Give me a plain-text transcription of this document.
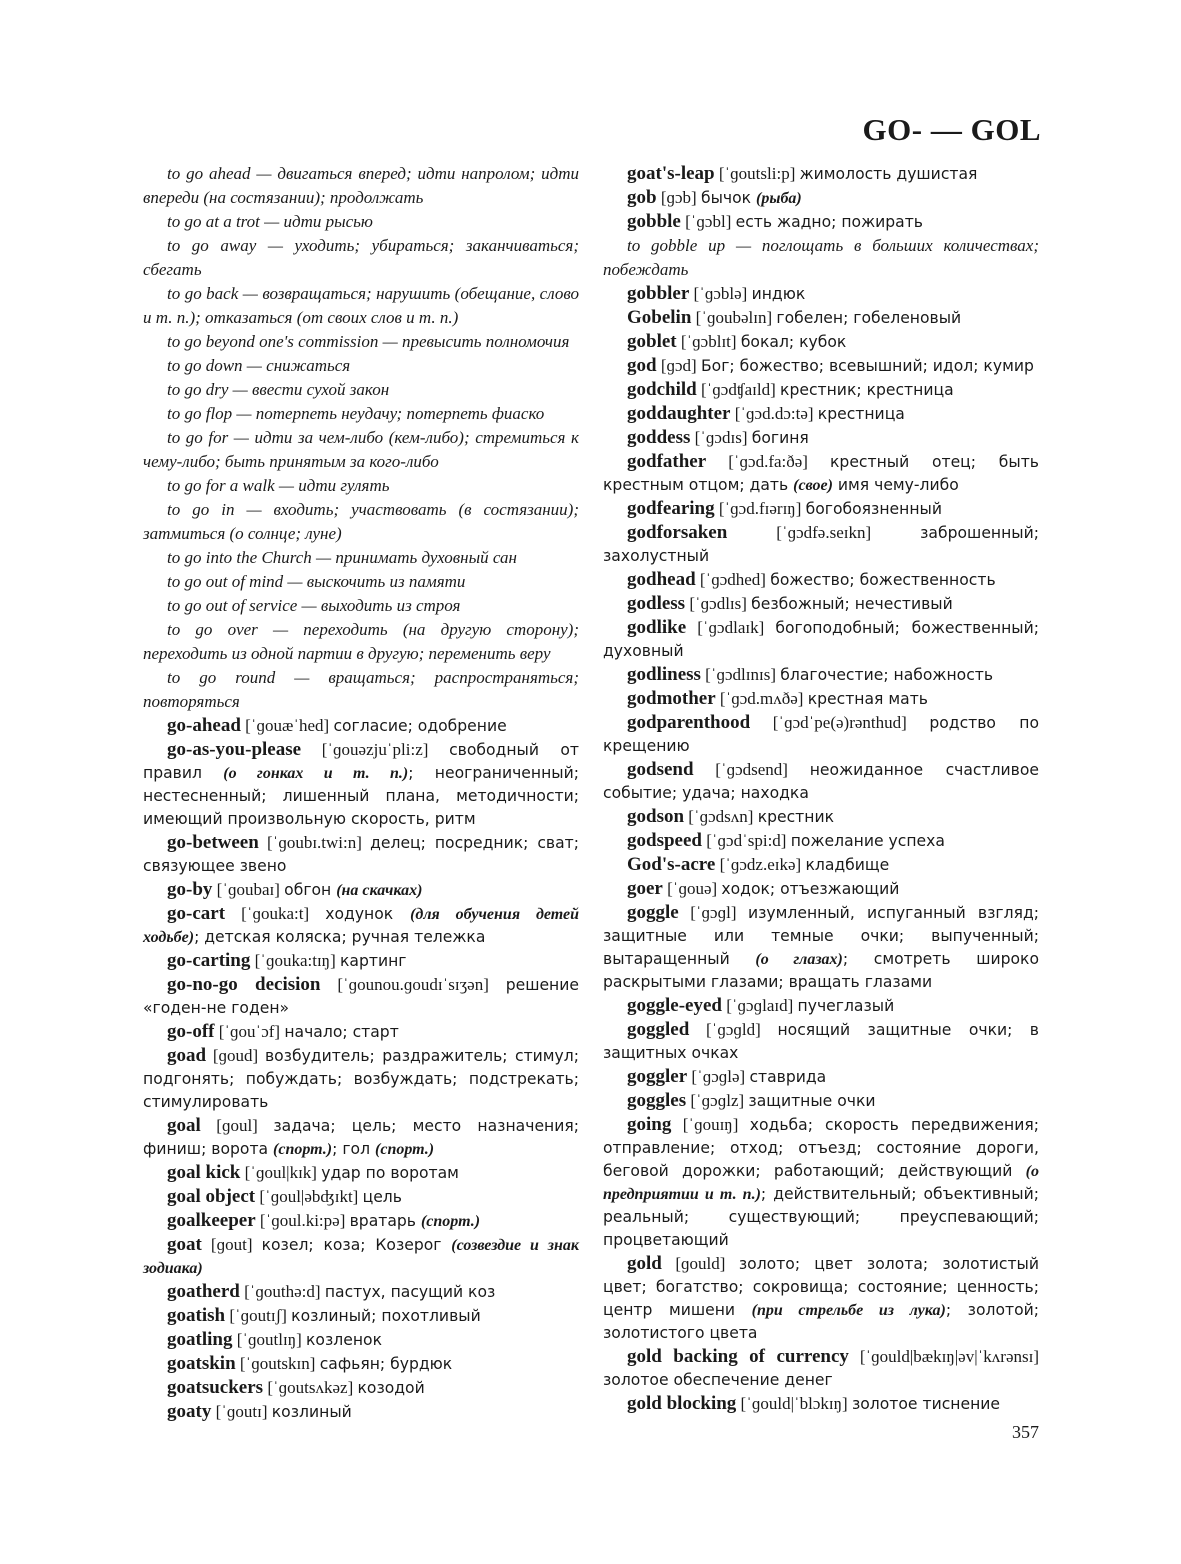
GO- — GOL

to go ahead — двигаться вперед; идти напролом; идти впереди (на состязании); продолжать

to go at a trot — идти рысью

to go away — уходить; убираться; заканчиваться; сбегать

to go back — возвращаться; нарушить (обещание, слово и т. п.); отказаться (от своих слов и т. п.)

to go beyond one's commission — превысить полномочия

to go down — снижаться

to go dry — ввести сухой закон

to go flop — потерпеть неудачу; потерпеть фиаско

to go for — идти за чем-либо (кем-либо); стремиться к чему-либо; быть принятым за кого-либо

to go for a walk — идти гулять

to go in — входить; участвовать (в состязании); затмиться (о солнце; луне)

to go into the Church — принимать духовный сан

to go out of mind — выскочить из памяти

to go out of service — выходить из строя

to go over — переходить (на другую сторону); переходить из одной партии в другую; переменить веру

to go round — вращаться; распространяться; повторяться

go-ahead [ˈɡouæˈhed] согласие; одобрение

go-as-you-please [ˈɡouəzjuˈpli:z] свободный от правил (о гонках и т. п.); неограниченный; нестесненный; лишенный плана, методичности; имеющий произвольную скорость, ритм

go-between [ˈɡoubɪ.twi:n] делец; посредник; сват; связующее звено

go-by [ˈɡoubaɪ] обгон (на скачках)

go-cart [ˈɡouka:t] ходунок (для обучения детей ходьбе); детская коляска; ручная тележка

go-carting [ˈɡouka:tɪŋ] картинг

go-no-go decision [ˈɡounou.ɡoudɪˈsɪʒən] решение «годен-не годен»

go-off [ˈɡouˈɔf] начало; старт

goad [ɡoud] возбудитель; раздражитель; стимул; подгонять; побуждать; возбуждать; подстрекать; стимулировать

goal [ɡoul] задача; цель; место назначения; финиш; ворота (спорт.); гол (спорт.)

goal kick [ˈɡoul|kɪk] удар по воротам

goal object [ˈɡoul|əbʤɪkt] цель

goalkeeper [ˈɡoul.ki:pə] вратарь (спорт.)

goat [ɡout] козел; коза; Козерог (созвездие и знак зодиака)

goatherd [ˈɡouthə:d] пастух, пасущий коз

goatish [ˈɡoutɪʃ] козлиный; похотливый

goatling [ˈɡoutlɪŋ] козленок

goatskin [ˈɡoutskɪn] сафьян; бурдюк

goatsuckers [ˈɡoutsʌkəz] козодой

goaty [ˈɡoutɪ] козлиный

goat's-leap [ˈɡoutsli:p] жимолость душистая

gob [ɡɔb] бычок (рыба)

gobble [ˈɡɔbl] есть жадно; пожирать

to gobble up — поглощать в больших количествах; побеждать

gobbler [ˈɡɔblə] индюк

Gobelin [ˈɡoubəlɪn] гобелен; гобеленовый

goblet [ˈɡɔblɪt] бокал; кубок

god [ɡɔd] Бог; божество; всевышний; идол; кумир

godchild [ˈɡɔdʧaɪld] крестник; крестница

goddaughter [ˈɡɔd.dɔ:tə] крестница

goddess [ˈɡɔdɪs] богиня

godfather [ˈɡɔd.fa:ðə] крестный отец; быть крестным отцом; дать (свое) имя чему-либо

godfearing [ˈɡɔd.fɪərɪŋ] богобоязненный

godforsaken [ˈɡɔdfə.seɪkn] заброшенный; захолустный

godhead [ˈɡɔdhed] божество; божественность

godless [ˈɡɔdlɪs] безбожный; нечестивый

godlike [ˈɡɔdlaɪk] богоподобный; божественный; духовный

godliness [ˈɡɔdlɪnɪs] благочестие; набожность

godmother [ˈɡɔd.mʌðə] крестная мать

godparenthood [ˈɡɔdˈpe(ə)rənthud] родство по крещению

godsend [ˈɡɔdsend] неожиданное счастливое событие; удача; находка

godson [ˈɡɔdsʌn] крестник

godspeed [ˈɡɔdˈspi:d] пожелание успеха

God's-acre [ˈɡɔdz.eɪkə] кладбище

goer [ˈɡouə] ходок; отъезжающий

goggle [ˈɡɔɡl] изумленный, испуганный взгляд; защитные или темные очки; выпученный; вытаращенный (о глазах); смотреть широко раскрытыми глазами; вращать глазами

goggle-eyed [ˈɡɔɡlaɪd] пучеглазый

goggled [ˈɡɔɡld] носящий защитные очки; в защитных очках

goggler [ˈɡɔɡlə] ставрида

goggles [ˈɡɔɡlz] защитные очки

going [ˈɡouɪŋ] ходьба; скорость передвижения; отправление; отход; отъезд; состояние дороги, беговой дорожки; работающий; действующий (о предприятии и т. п.); действительный; объективный; реальный; существующий; преуспевающий; процветающий

gold [ɡould] золото; цвет золота; золотистый цвет; богатство; сокровища; состояние; ценность; центр мишени (при стрельбе из лука); золотой; золотистого цвета

gold backing of currency [ˈɡould|bækɪŋ|əv|ˈkʌrənsɪ] золотое обеспечение денег

gold blocking [ˈɡould|ˈblɔkɪŋ] золотое тиснение

357
